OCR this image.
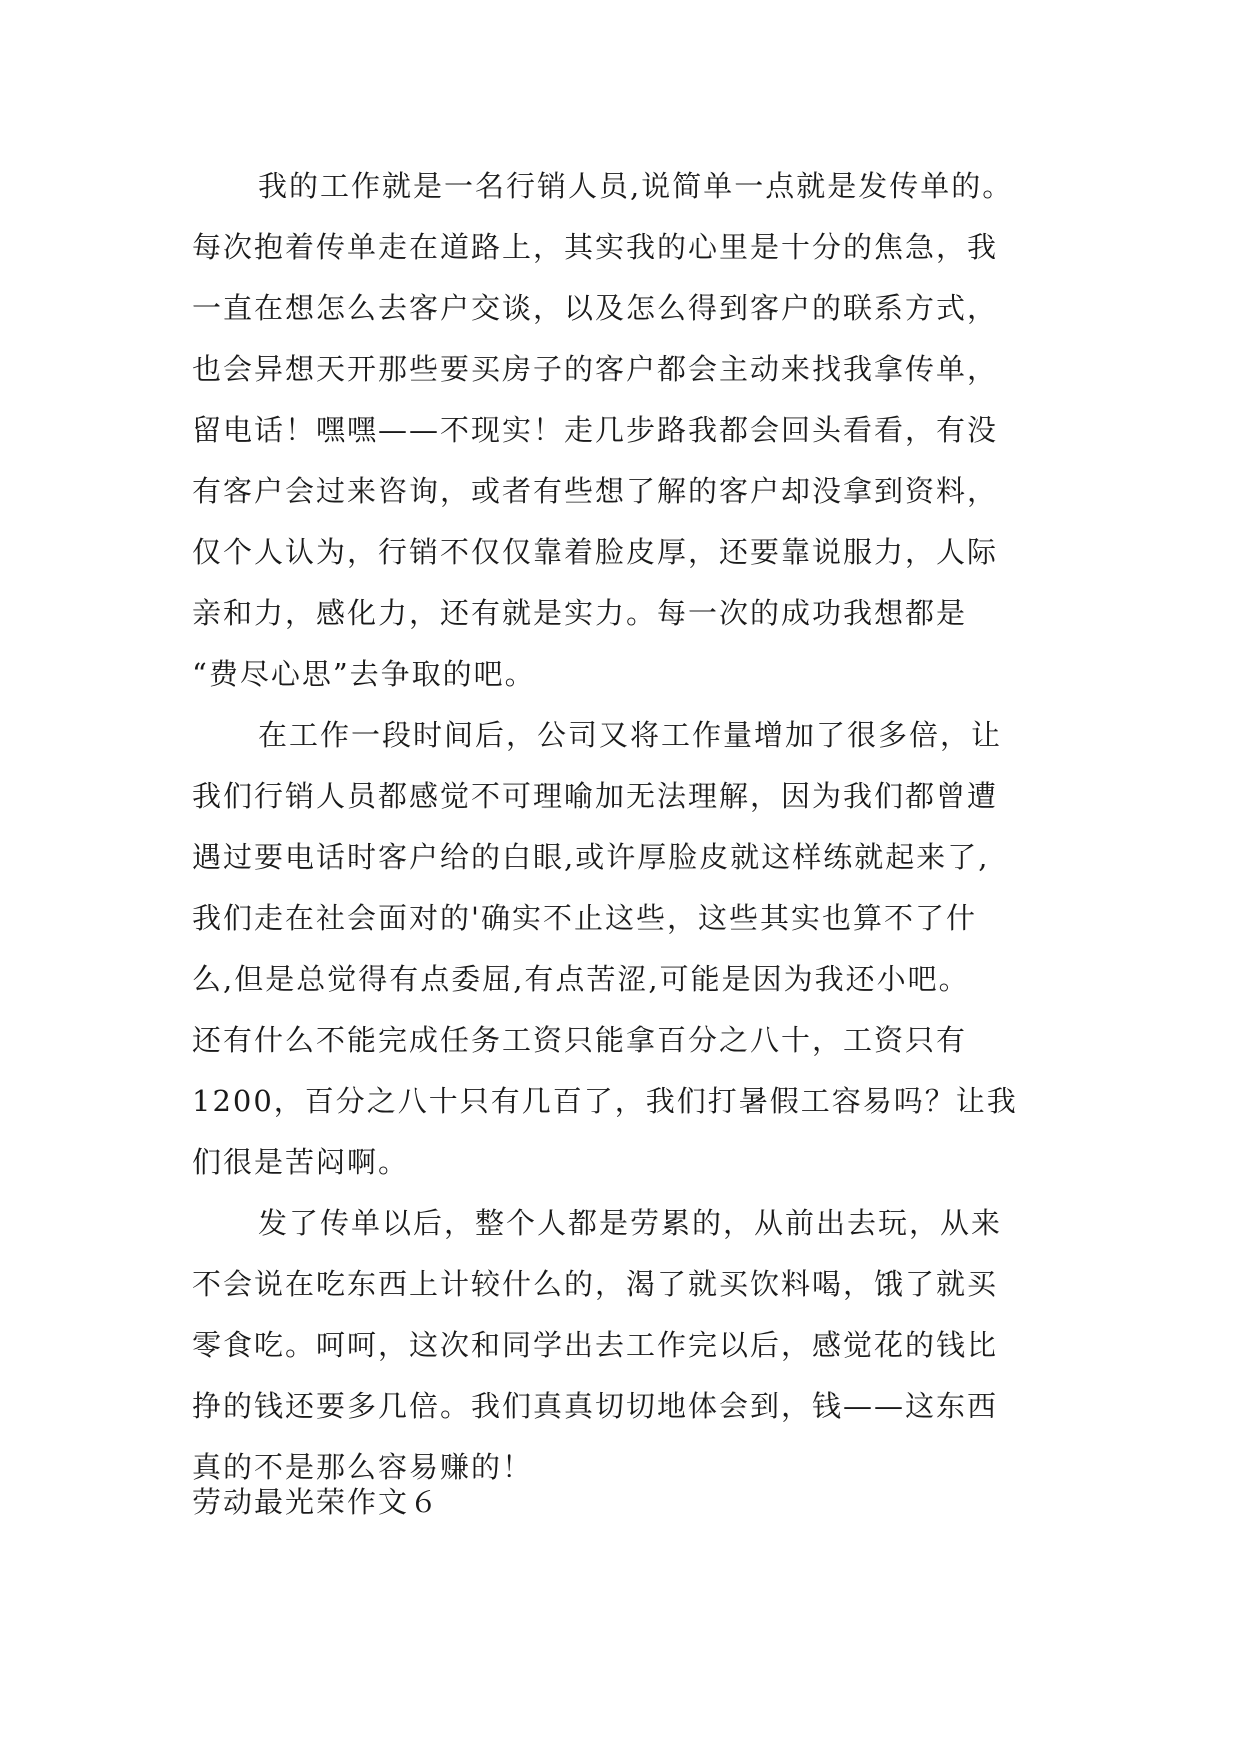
我的工作就是一名行销人员,说简单一点就是发传单的。
每次抱着传单走在道路上，其实我的心里是十分的焦急，我
一直在想怎么去客户交谈，以及怎么得到客户的联系方式，
也会异想天开那些要买房子的客户都会主动来找我拿传单，
留电话！嘿嘿——不现实！走几步路我都会回头看看，有没
有客户会过来咨询，或者有些想了解的客户却没拿到资料，
仅个人认为，行销不仅仅靠着脸皮厚，还要靠说服力，人际
亲和力，感化力，还有就是实力。每一次的成功我想都是
“费尽心思”去争取的吧。
在工作一段时间后，公司又将工作量增加了很多倍，让
我们行销人员都感觉不可理喻加无法理解，因为我们都曾遭
遇过要电话时客户给的白眼,或许厚脸皮就这样练就起来了,
我们走在社会面对的'确实不止这些，这些其实也算不了什
么,但是总觉得有点委屈,有点苦涩,可能是因为我还小吧。
还有什么不能完成任务工资只能拿百分之八十，工资只有
1200，百分之八十只有几百了，我们打暑假工容易吗？让我
们很是苦闷啊。
发了传单以后，整个人都是劳累的，从前出去玩，从来
不会说在吃东西上计较什么的，渴了就买饮料喝，饿了就买
零食吃。呵呵，这次和同学出去工作完以后，感觉花的钱比
挣的钱还要多几倍。我们真真切切地体会到，钱——这东西
真的不是那么容易赚的！
劳动最光荣作文６
